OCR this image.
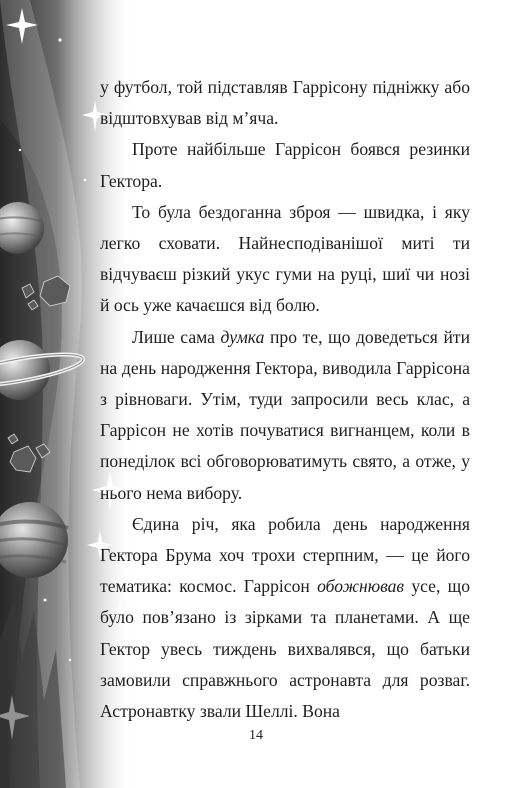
у футбол, той підставляв Гаррісону підніжку або відштовхував від м’яча.

Проте найбільше Гаррісон боявся резинки Гектора.

То була бездоганна зброя — швидка, і яку легко сховати. Найнесподіванішої миті ти відчуваєш різкий укус гуми на руці, шиї чи нозі й ось уже качаєшся від болю.

Лише сама думка про те, що доведеться йти на день народження Гектора, виводила Гаррісона з рівноваги. Утім, туди запросили весь клас, а Гаррісон не хотів почуватися вигнанцем, коли в понеділок всі обговорюватимуть свято, а отже, у нього нема вибору.

Єдина річ, яка робила день народження Гектора Брума хоч трохи стерпним, — це його тематика: космос. Гаррісон обожнював усе, що було пов’язано із зірками та планетами. А ще Гектор увесь тиждень вихвалявся, що батьки замовили справжнього астронавта для розваг. Астронавтку звали Шеллі. Вона

14
